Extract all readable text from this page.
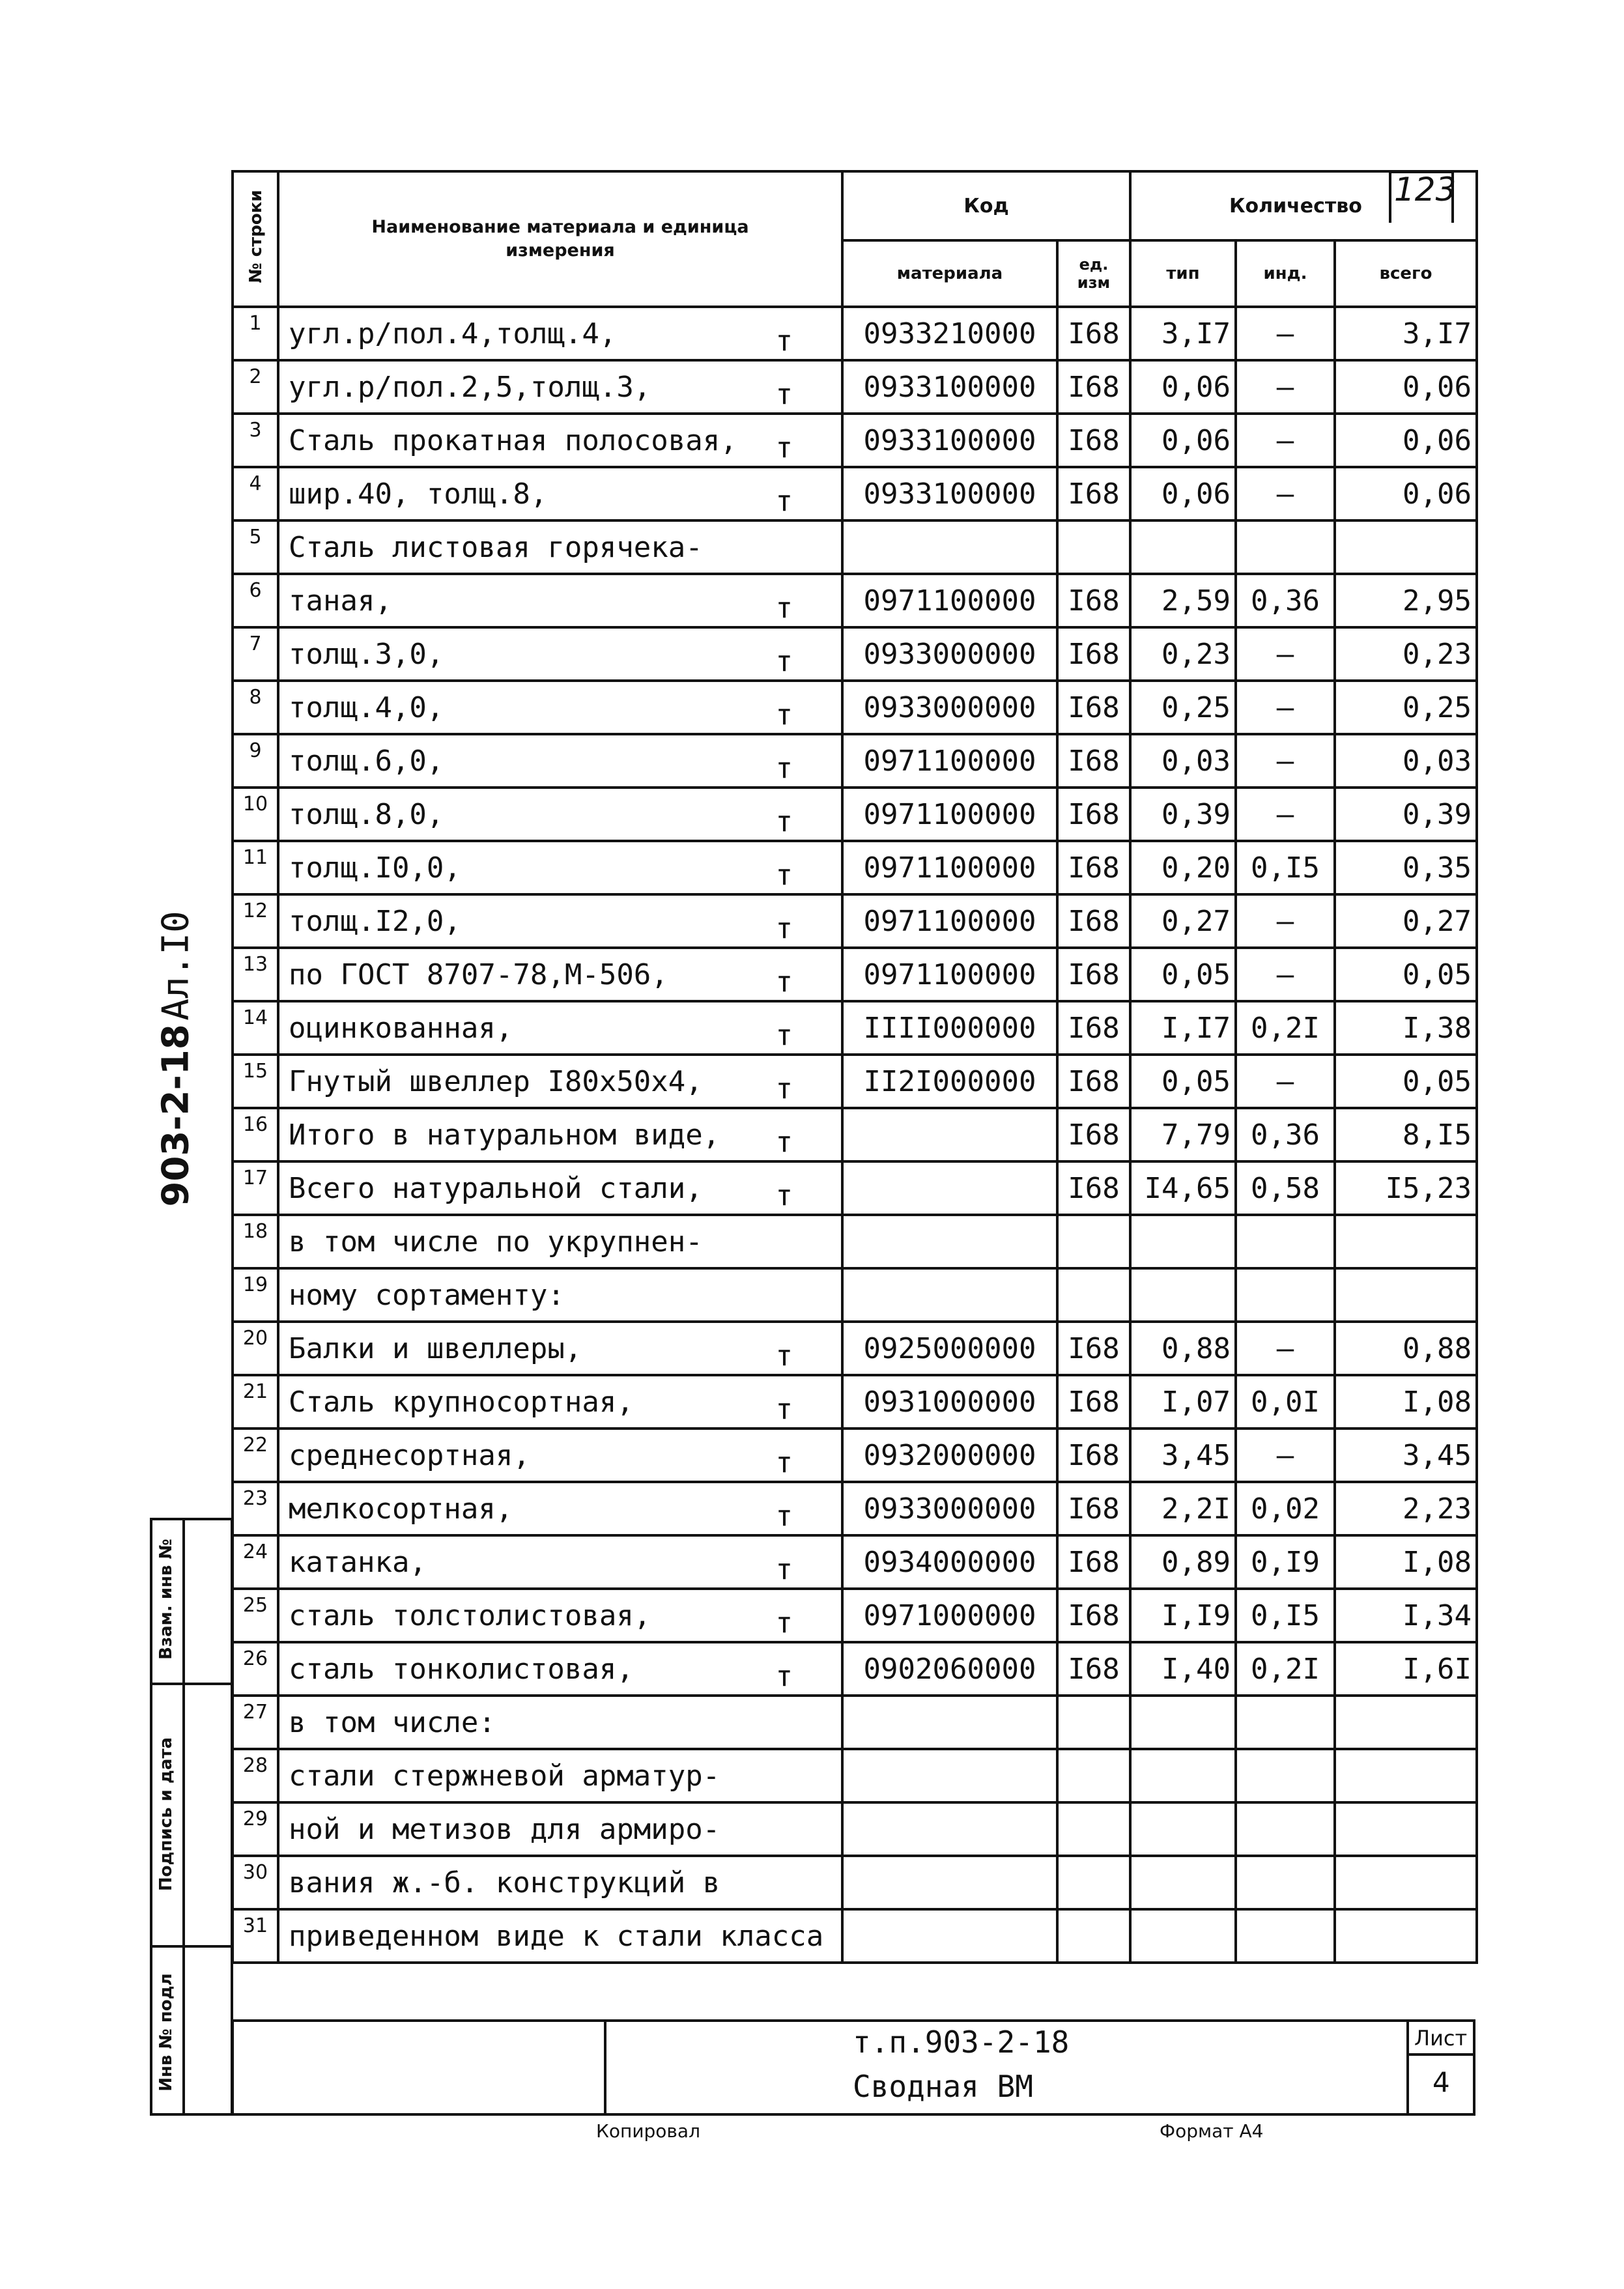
123
903-2-18
Ал.I0
Взам. инв №
Подпись и дата
Инв № подл
№ строки	Наименование материала и единица измерения	Код		Количество		
		материала	ед. изм	тип	инд.	всего
1	угл.р/пол.4,толщ.4, т	0933210000	I68	3,I7	–	3,I7
2	угл.р/пол.2,5,толщ.3, т	0933100000	I68	0,06	–	0,06
3	Сталь прокатная полосовая, т	0933100000	I68	0,06	–	0,06
4	шир.40, толщ.8, т	0933100000	I68	0,06	–	0,06
5	Сталь листовая горячека-

6	таная, т	0971100000	I68	2,59	0,36	2,95
7	толщ.3,0, т	0933000000	I68	0,23	–	0,23
8	толщ.4,0, т	0933000000	I68	0,25	–	0,25
9	толщ.6,0, т	0971100000	I68	0,03	–	0,03
10	толщ.8,0, т	0971100000	I68	0,39	–	0,39
11	толщ.I0,0, т	0971100000	I68	0,20	0,I5	0,35
12	толщ.I2,0, т	0971100000	I68	0,27	–	0,27
13	по ГОСТ 8707-78,М-506, т	0971100000	I68	0,05	–	0,05
14	оцинкованная, т	IIII000000	I68	I,I7	0,2I	I,38
15	Гнутый швеллер I80х50х4, т	II2I000000	I68	0,05	–	0,05
16	Итого в натуральном виде, т		I68	7,79	0,36	8,I5
17	Всего натуральной стали, т		I68	I4,65	0,58	I5,23
18	в том числе по укрупнен-

19	ному сортаменту:

20	Балки и швеллеры, т	0925000000	I68	0,88	–	0,88
21	Сталь крупносортная, т	0931000000	I68	I,07	0,0I	I,08
22	среднесортная, т	0932000000	I68	3,45	–	3,45
23	мелкосортная, т	0933000000	I68	2,2I	0,02	2,23
24	катанка, т	0934000000	I68	0,89	0,I9	I,08
25	сталь толстолистовая, т	0971000000	I68	I,I9	0,I5	I,34
26	сталь тонколистовая, т	0902060000	I68	I,40	0,2I	I,6I
27	в том числе:

28	стали стержневой арматур-

29	ной и метизов для армиро-

30	вания ж.-б. конструкций в

31	приведенном виде к стали класса

т.п.903-2-18
Сводная ВМ
Лист
4
Копировал	Формат А4
